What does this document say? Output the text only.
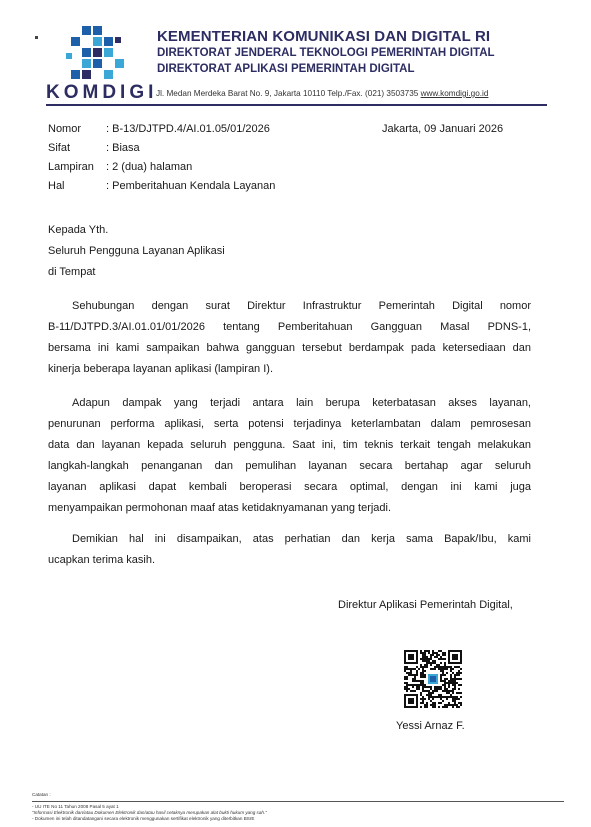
KEMENTERIAN KOMUNIKASI DAN DIGITAL RI
DIREKTORAT JENDERAL TEKNOLOGI PEMERINTAH DIGITAL
DIREKTORAT APLIKASI PEMERINTAH DIGITAL
KOMDIGI
Jl. Medan Merdeka Barat No. 9, Jakarta 10110 Telp./Fax. (021) 3503735 www.komdigi.go.id
Nomor : B-13/DJTPD.4/AI.01.05/01/2026	Jakarta, 09 Januari 2026
Sifat	: Biasa
Lampiran : 2 (dua) halaman
Hal	: Pemberitahuan Kendala Layanan
Kepada Yth.
Seluruh Pengguna Layanan Aplikasi
di Tempat
Sehubungan dengan surat Direktur Infrastruktur Pemerintah Digital nomor
B-11/DJTPD.3/AI.01.01/01/2026 tentang Pemberitahuan Gangguan Masal PDNS-1,
bersama ini kami sampaikan bahwa gangguan tersebut berdampak pada ketersediaan dan
kinerja beberapa layanan aplikasi (lampiran I).
Adapun dampak yang terjadi antara lain berupa keterbatasan akses layanan,
penurunan performa aplikasi, serta potensi terjadinya keterlambatan dalam pemrosesan
data dan layanan kepada seluruh pengguna. Saat ini, tim teknis terkait tengah melakukan
langkah-langkah penanganan dan pemulihan layanan secara bertahap agar seluruh
layanan aplikasi dapat kembali beroperasi secara optimal, dengan ini kami juga
menyampaikan permohonan maaf atas ketidaknyamanan yang terjadi.
Demikian hal ini disampaikan, atas perhatian dan kerja sama Bapak/Ibu, kami
ucapkan terima kasih.
Direktur Aplikasi Pemerintah Digital,
Yessi Arnaz F.
Catatan :
- UU ITE No 11 Tahun 2008 Pasal 5 ayat 1
"Informasi Elektronik dan/atau Dokumen Elektronik dan/atau hasil cetaknya merupakan alat bukti hukum yang sah."
- Dokumen ini telah ditandatangani secara elektronik menggunakan sertifikat elektronik yang diterbitkan BSrE
